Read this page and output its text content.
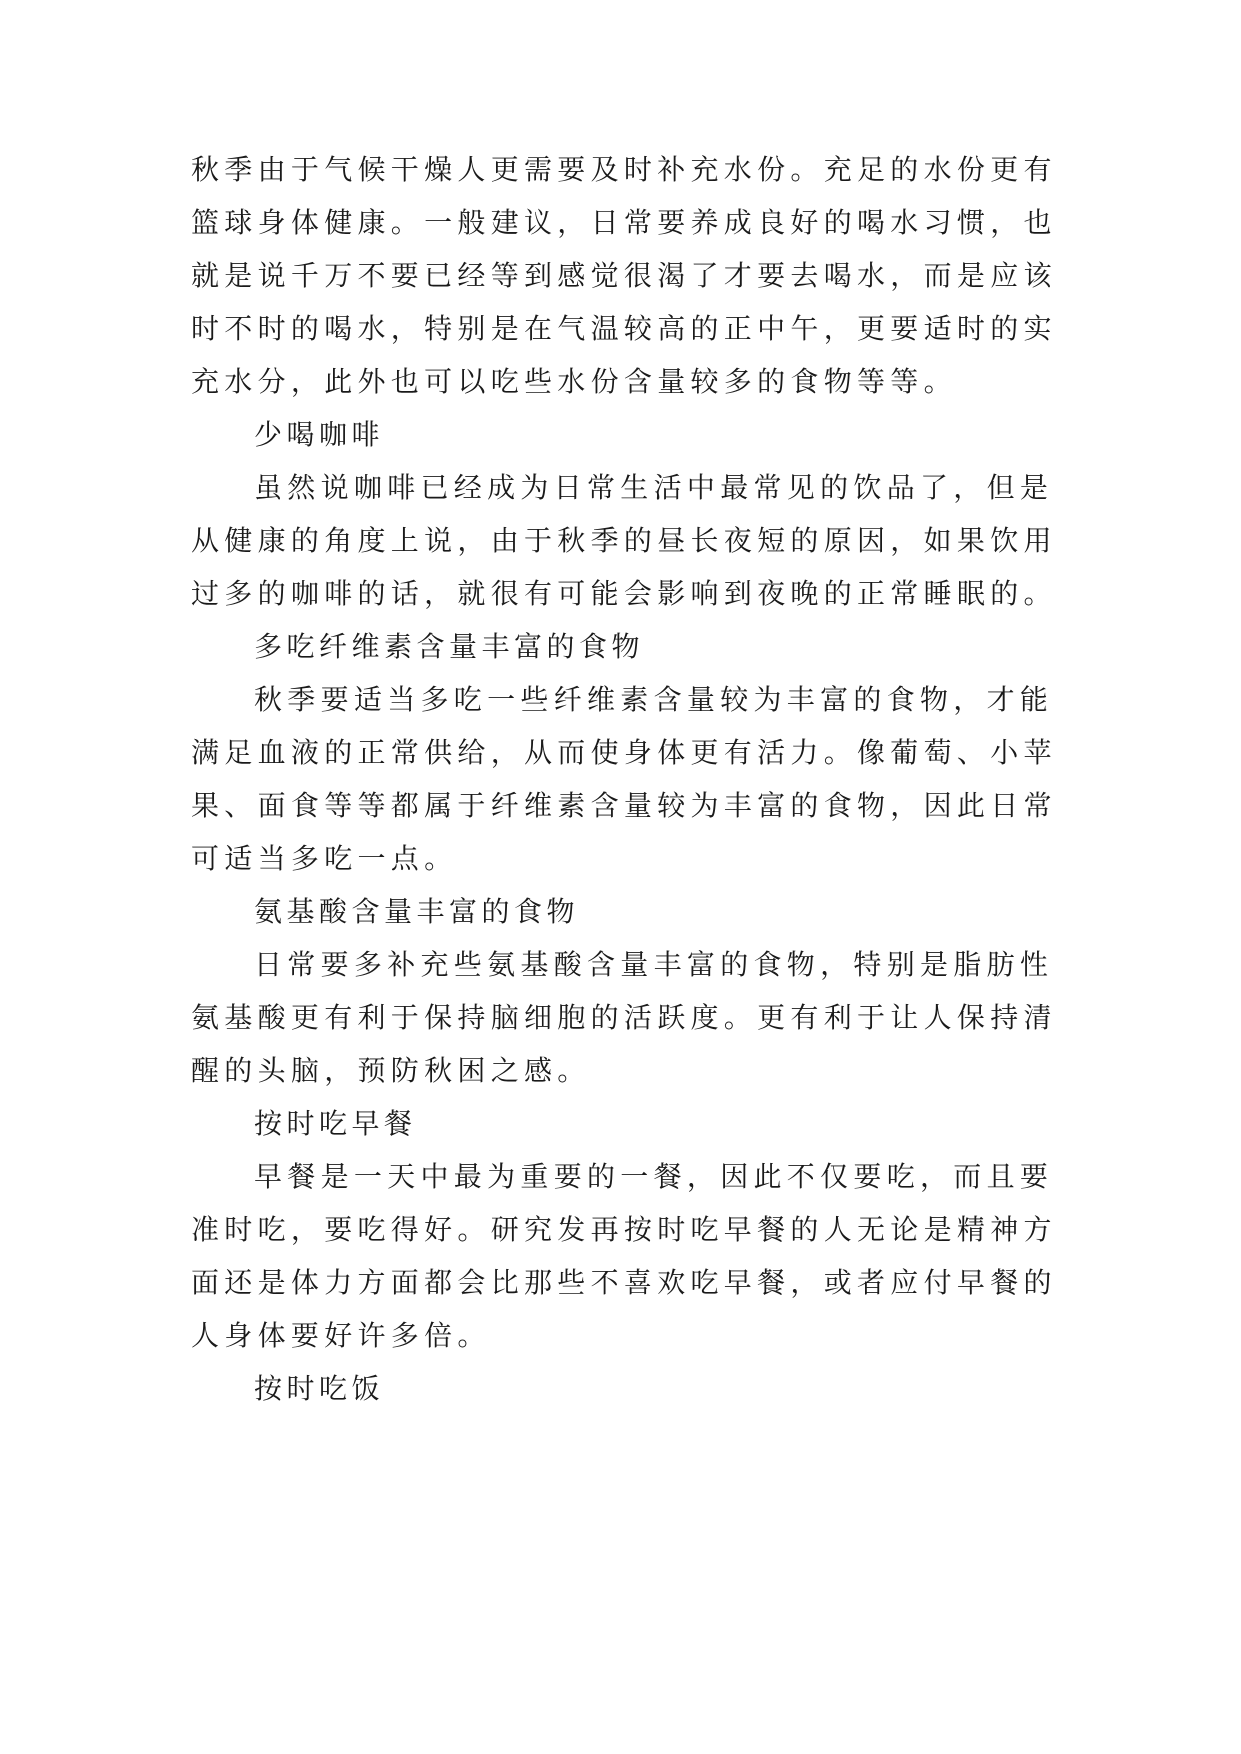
秋季由于气候干燥人更需要及时补充水份。充足的水份更有

篮球身体健康。一般建议，日常要养成良好的喝水习惯，也

就是说千万不要已经等到感觉很渴了才要去喝水，而是应该

时不时的喝水，特别是在气温较高的正中午，更要适时的实

充水分，此外也可以吃些水份含量较多的食物等等。

少喝咖啡

虽然说咖啡已经成为日常生活中最常见的饮品了，但是

从健康的角度上说，由于秋季的昼长夜短的原因，如果饮用

过多的咖啡的话，就很有可能会影响到夜晚的正常睡眠的。

多吃纤维素含量丰富的食物

秋季要适当多吃一些纤维素含量较为丰富的食物，才能

满足血液的正常供给，从而使身体更有活力。像葡萄、小苹

果、面食等等都属于纤维素含量较为丰富的食物，因此日常

可适当多吃一点。

氨基酸含量丰富的食物

日常要多补充些氨基酸含量丰富的食物，特别是脂肪性

氨基酸更有利于保持脑细胞的活跃度。更有利于让人保持清

醒的头脑，预防秋困之感。

按时吃早餐

早餐是一天中最为重要的一餐，因此不仅要吃，而且要

准时吃，要吃得好。研究发再按时吃早餐的人无论是精神方

面还是体力方面都会比那些不喜欢吃早餐，或者应付早餐的

人身体要好许多倍。

按时吃饭
